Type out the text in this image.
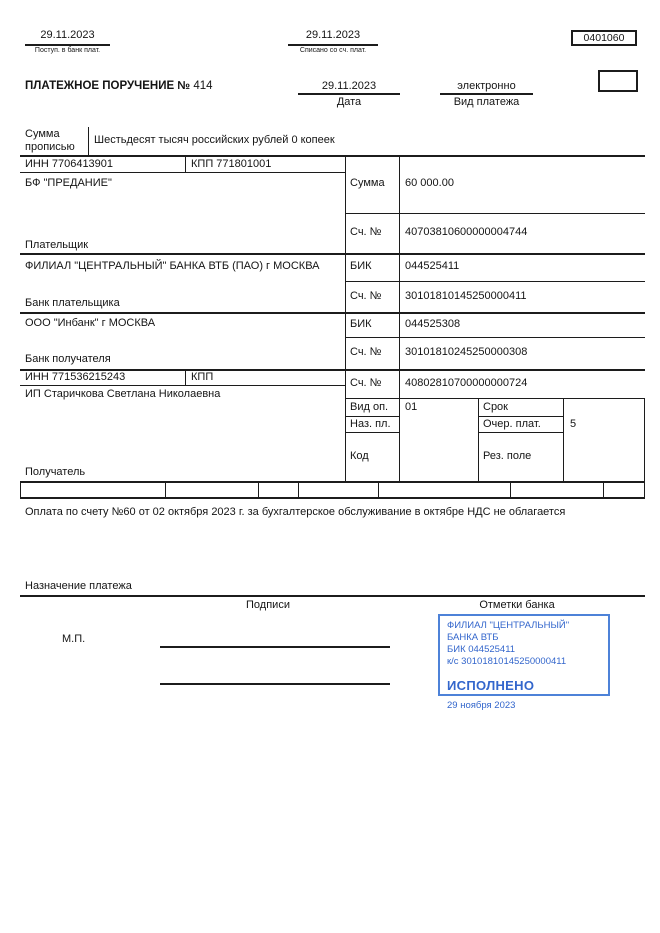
29.11.2023
Поступ. в банк плат.
29.11.2023
Списано со сч. плат.
0401060
ПЛАТЕЖНОЕ ПОРУЧЕНИЕ № 414	29.11.2023
Дата
электронно
Вид платежа
Сумма прописью
Шестьдесят тысяч российских рублей 0 копеек
ИНН 7706413901	КПП 771801001
БФ "ПРЕДАНИЕ"
Плательщик
Сумма 60 000.00
Сч. № 40703810600000004744
ФИЛИАЛ "ЦЕНТРАЛЬНЫЙ" БАНКА ВТБ (ПАО) г МОСКВА
Банк плательщика
БИК	044525411
Сч. № 30101810145250000411
ООО "Инбанк" г МОСКВА
Банк получателя
БИК	044525308
Сч. № 30101810245250000308
ИНН 771536215243	КПП
ИП Старичкова Светлана Николаевна
Получатель
Сч. № 40802810700000000724
Вид оп. 01	Срок
Наз. пл.	Очер. плат.	5
Код	Рез. поле
Оплата по счету №60 от 02 октября 2023 г. за бухгалтерское обслуживание в октябре НДС не облагается
Назначение платежа
Подписи	Отметки банка
М.П.
ФИЛИАЛ "ЦЕНТРАЛЬНЫЙ" БАНКА ВТБ
БИК 044525411
к/с 30101810145250000411
ИСПОЛНЕНО
29 ноября 2023
